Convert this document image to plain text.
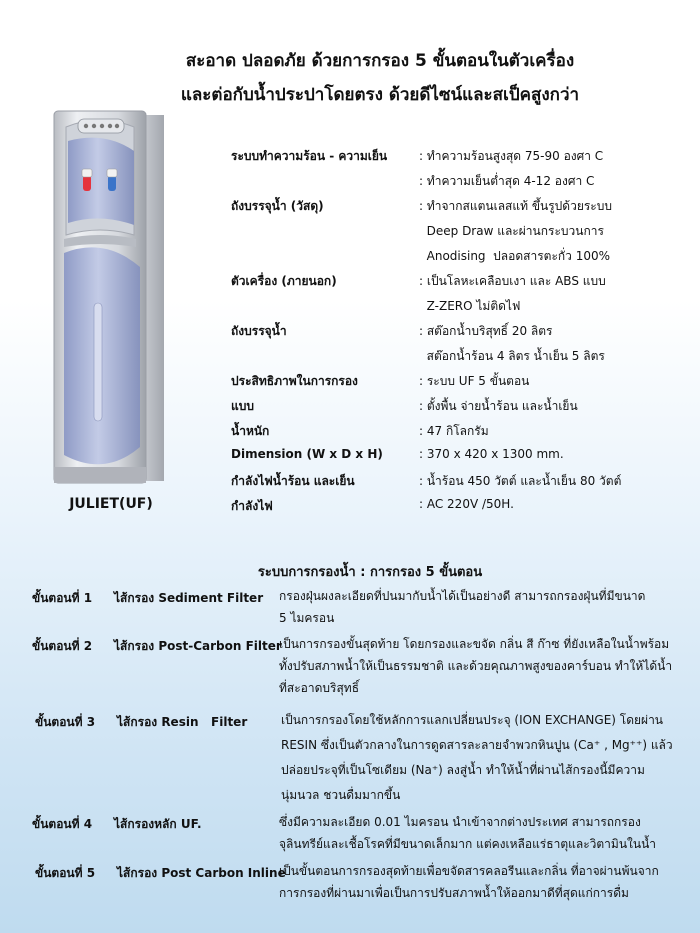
สะอาด ปลอดภัย ด้วยการกรอง 5 ขั้นตอนในตัวเครื่อง
และต่อกับน้ำประปาโดยตรง ด้วยดีไซน์และสเป็คสูงกว่า
JULIET(UF)
ระบบทำความร้อน - ความเย็น	: ทำความร้อนสูงสุด 75-90 องศา C
: ทำความเย็นต่ำสุด 4-12 องศา C
ถังบรรจุน้ำ (วัสดุ)	: ทำจากสแตนเลสแท้ ขึ้นรูปด้วยระบบ
Deep Draw และผ่านกระบวนการ
Anodising  ปลอดสารตะกั่ว 100%
ตัวเครื่อง (ภายนอก)	: เป็นโลหะเคลือบเงา และ ABS แบบ
Z-ZERO ไม่ติดไฟ
ถังบรรจุน้ำ	: สต๊อกน้ำบริสุทธิ์ 20 ลิตร
สต๊อกน้ำร้อน 4 ลิตร น้ำเย็น 5 ลิตร
ประสิทธิภาพในการกรอง	: ระบบ UF 5 ขั้นตอน
แบบ	: ตั้งพื้น จ่ายน้ำร้อน และน้ำเย็น
น้ำหนัก	: 47 กิโลกรัม
Dimension (W x D x H)	: 370 x 420 x 1300 mm.
กำลังไฟน้ำร้อน และเย็น	: น้ำร้อน 450 วัตต์ และน้ำเย็น 80 วัตต์
กำลังไฟ	: AC 220V /50H.
ระบบการกรองน้ำ : การกรอง 5 ขั้นตอน
ขั้นตอนที่ 1 ไส้กรอง Sediment Filter กรองฝุ่นผงละเอียดที่ปนมากับน้ำได้เป็นอย่างดี สามารถกรองฝุ่นที่มีขนาด
5 ไมครอน
ขั้นตอนที่ 2 ไส้กรอง Post-Carbon Filter
เป็นการกรองขั้นสุดท้าย โดยกรองและขจัด กลิ่น สี ก๊าซ ที่ยังเหลือในน้ำพร้อม
ทั้งปรับสภาพน้ำให้เป็นธรรมชาติ และด้วยคุณภาพสูงของคาร์บอน ทำให้ได้น้ำ
ที่สะอาดบริสุทธิ์
ขั้นตอนที่ 3 ไส้กรอง Resin   Filter	เป็นการกรองโดยใช้หลักการแลกเปลี่ยนประจุ (ION EXCHANGE) โดยผ่าน
RESIN ซึ่งเป็นตัวกลางในการดูดสารละลายจำพวกหินปูน (Ca⁺ , Mg⁺⁺) แล้ว
ปล่อยประจุที่เป็นโซเดียม (Na⁺) ลงสู่น้ำ ทำให้น้ำที่ผ่านไส้กรองนี้มีความ
นุ่มนวล ชวนดื่มมากขึ้น
ขั้นตอนที่ 4 ไส้กรองหลัก UF.	ซึ่งมีความละเอียด 0.01 ไมครอน นำเข้าจากต่างประเทศ สามารถกรอง
จุลินทรีย์และเชื้อโรคที่มีขนาดเล็กมาก แต่คงเหลือแร่ธาตุและวิตามินในน้ำ
ขั้นตอนที่ 5 ไส้กรอง Post Carbon Inline
เป็นขั้นตอนการกรองสุดท้ายเพื่อขจัดสารคลอรีนและกลิ่น ที่อาจผ่านพ้นจาก
การกรองที่ผ่านมาเพื่อเป็นการปรับสภาพน้ำให้ออกมาดีที่สุดแก่การดื่ม
